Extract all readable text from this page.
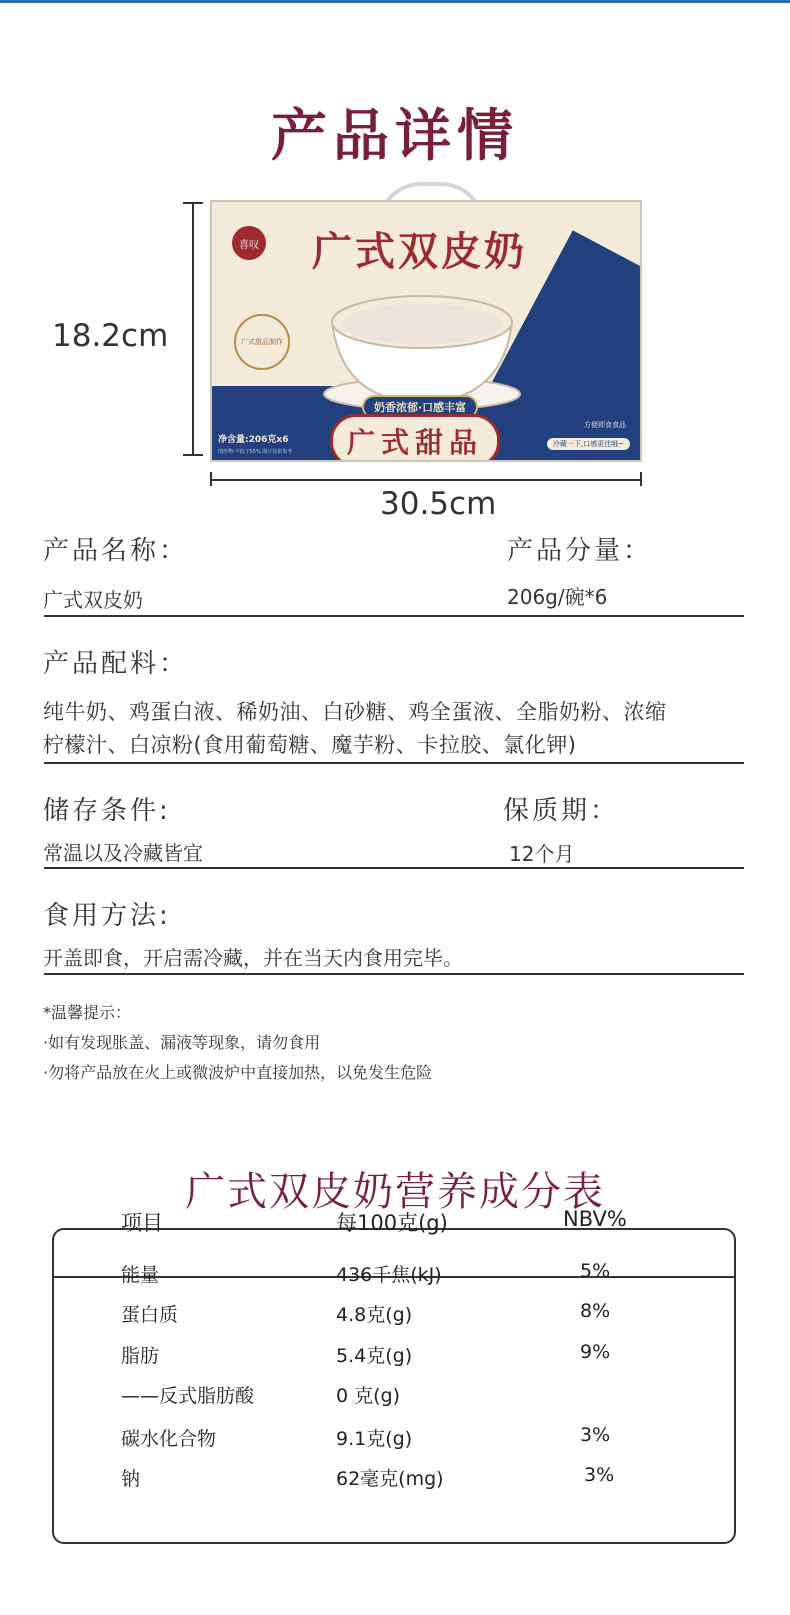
产品详情
喜叹 广式双皮奶
广式甜品制作
奶香浓郁·口感丰富
广式甜品
净含量:206克x6
图形物·不低于55% 图片仅供参考
方便即食食品
冷藏一下,口感更佳哦~
18.2cm
30.5cm
产品名称：	产品分量：
广式双皮奶	206g/碗*6
产品配料：
纯牛奶、鸡蛋白液、稀奶油、白砂糖、鸡全蛋液、全脂奶粉、浓缩
柠檬汁、白凉粉(食用葡萄糖、魔芋粉、卡拉胶、氯化钾)
储存条件:	保质期：
常温以及冷藏皆宜	12个月
食用方法:
开盖即食，开启需冷藏，并在当天内食用完毕。
*温馨提示：
·如有发现胀盖、漏液等现象，请勿食用
·勿将产品放在火上或微波炉中直接加热，以免发生危险
广式双皮奶营养成分表
项目	每100克(g)	NBV%
能量	436千焦(kJ)	5%
蛋白质	4.8克(g)	8%
脂肪	5.4克(g)	9%
——反式脂肪酸	0 克(g)
碳水化合物	9.1克(g)	3%
钠	62毫克(mg)	3%
